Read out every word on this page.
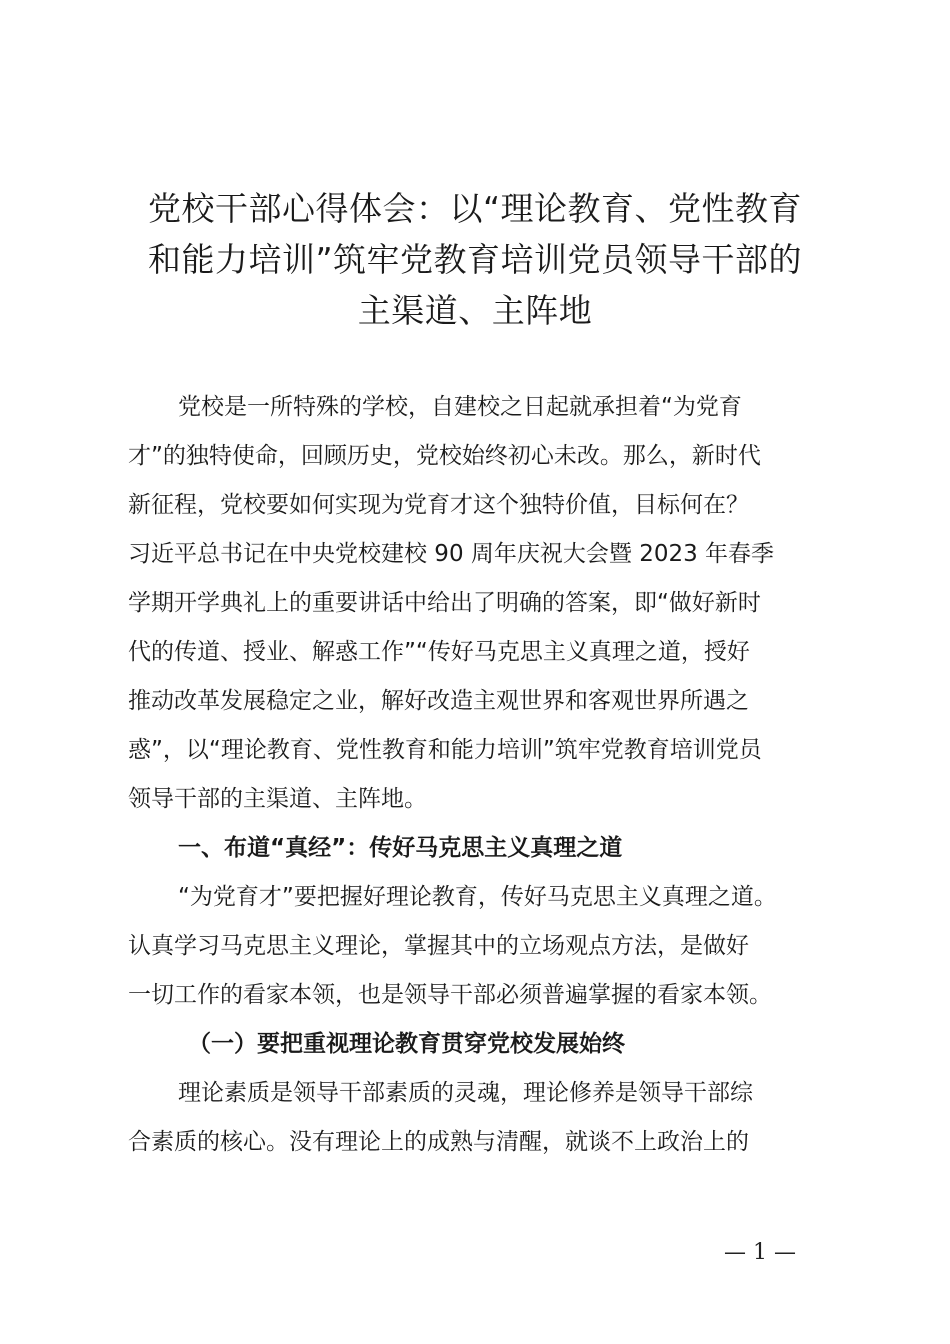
党校干部心得体会：以“理论教育、党性教育
和能力培训”筑牢党教育培训党员领导干部的
主渠道、主阵地
党校是一所特殊的学校，自建校之日起就承担着“为党育
才”的独特使命，回顾历史，党校始终初心未改。那么，新时代
新征程，党校要如何实现为党育才这个独特价值，目标何在？
习近平总书记在中央党校建校 90 周年庆祝大会暨 2023 年春季
学期开学典礼上的重要讲话中给出了明确的答案，即“做好新时
代的传道、授业、解惑工作”“传好马克思主义真理之道，授好
推动改革发展稳定之业，解好改造主观世界和客观世界所遇之
惑”，以“理论教育、党性教育和能力培训”筑牢党教育培训党员
领导干部的主渠道、主阵地。
一、布道“真经”：传好马克思主义真理之道
“为党育才”要把握好理论教育，传好马克思主义真理之道。
认真学习马克思主义理论，掌握其中的立场观点方法，是做好
一切工作的看家本领，也是领导干部必须普遍掌握的看家本领。
（一）要把重视理论教育贯穿党校发展始终
理论素质是领导干部素质的灵魂，理论修养是领导干部综
合素质的核心。没有理论上的成熟与清醒，就谈不上政治上的
— 1 —
